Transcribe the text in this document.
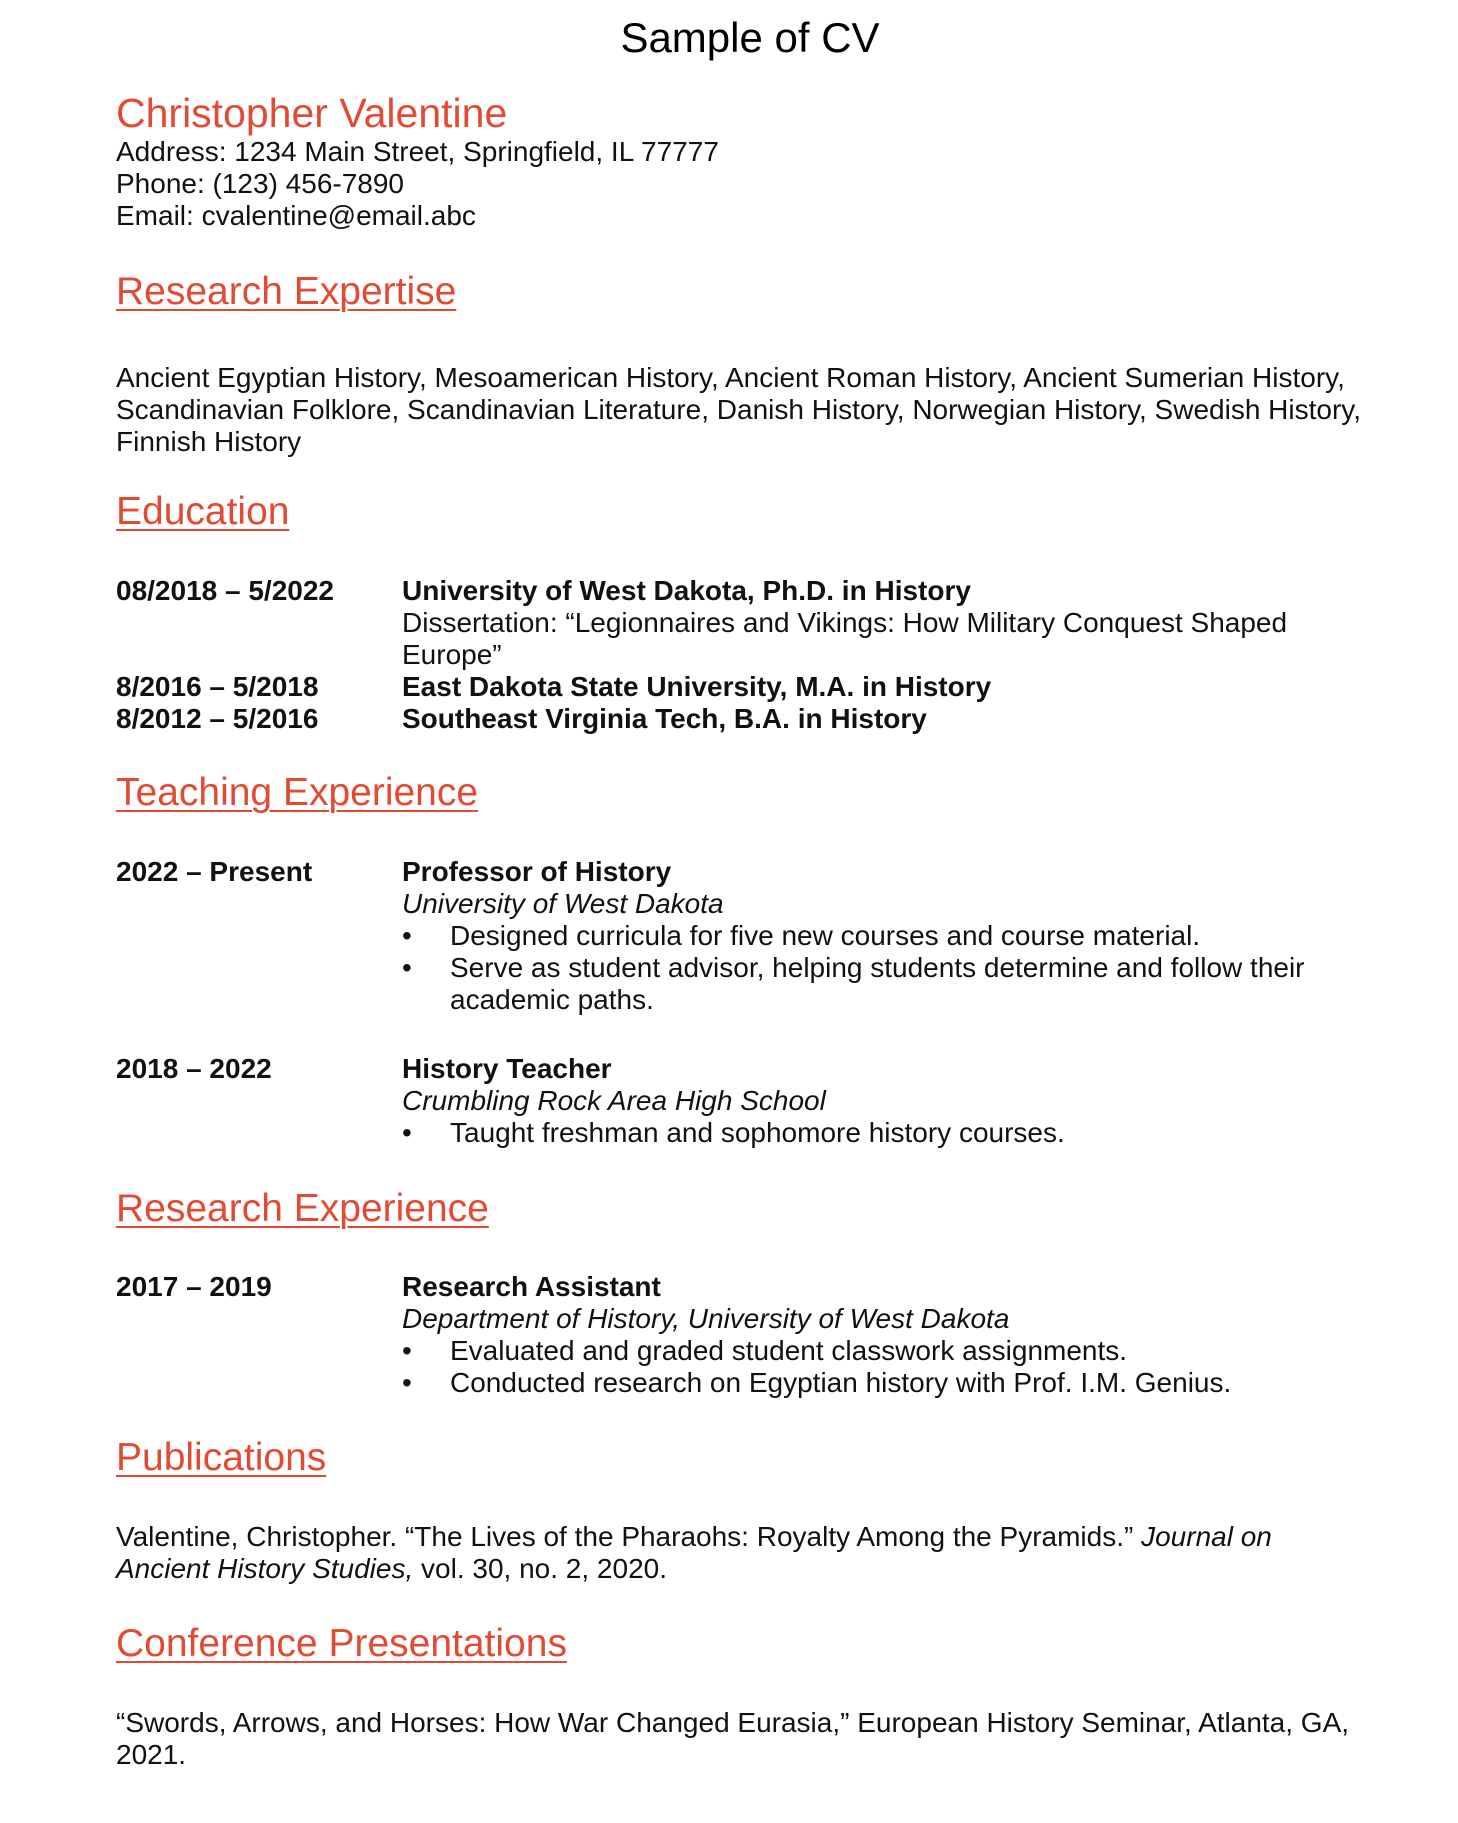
Sample of CV
Christopher Valentine
Address: 1234 Main Street, Springfield, IL 77777
Phone: (123) 456-7890
Email: cvalentine@email.abc
Research Expertise
Ancient Egyptian History, Mesoamerican History, Ancient Roman History, Ancient Sumerian History, Scandinavian Folklore, Scandinavian Literature, Danish History, Norwegian History, Swedish History, Finnish History
Education
08/2018 – 5/2022	University of West Dakota, Ph.D. in History
Dissertation: “Legionnaires and Vikings: How Military Conquest Shaped Europe”
8/2016 – 5/2018	East Dakota State University, M.A. in History
8/2012 – 5/2016	Southeast Virginia Tech, B.A. in History
Teaching Experience
2022 – Present	Professor of History
University of West Dakota
• Designed curricula for five new courses and course material.
• Serve as student advisor, helping students determine and follow their academic paths.
2018 – 2022	History Teacher
Crumbling Rock Area High School
• Taught freshman and sophomore history courses.
Research Experience
2017 – 2019	Research Assistant
Department of History, University of West Dakota
• Evaluated and graded student classwork assignments.
• Conducted research on Egyptian history with Prof. I.M. Genius.
Publications
Valentine, Christopher. “The Lives of the Pharaohs: Royalty Among the Pyramids.” Journal on Ancient History Studies, vol. 30, no. 2, 2020.
Conference Presentations
“Swords, Arrows, and Horses: How War Changed Eurasia,” European History Seminar, Atlanta, GA, 2021.
